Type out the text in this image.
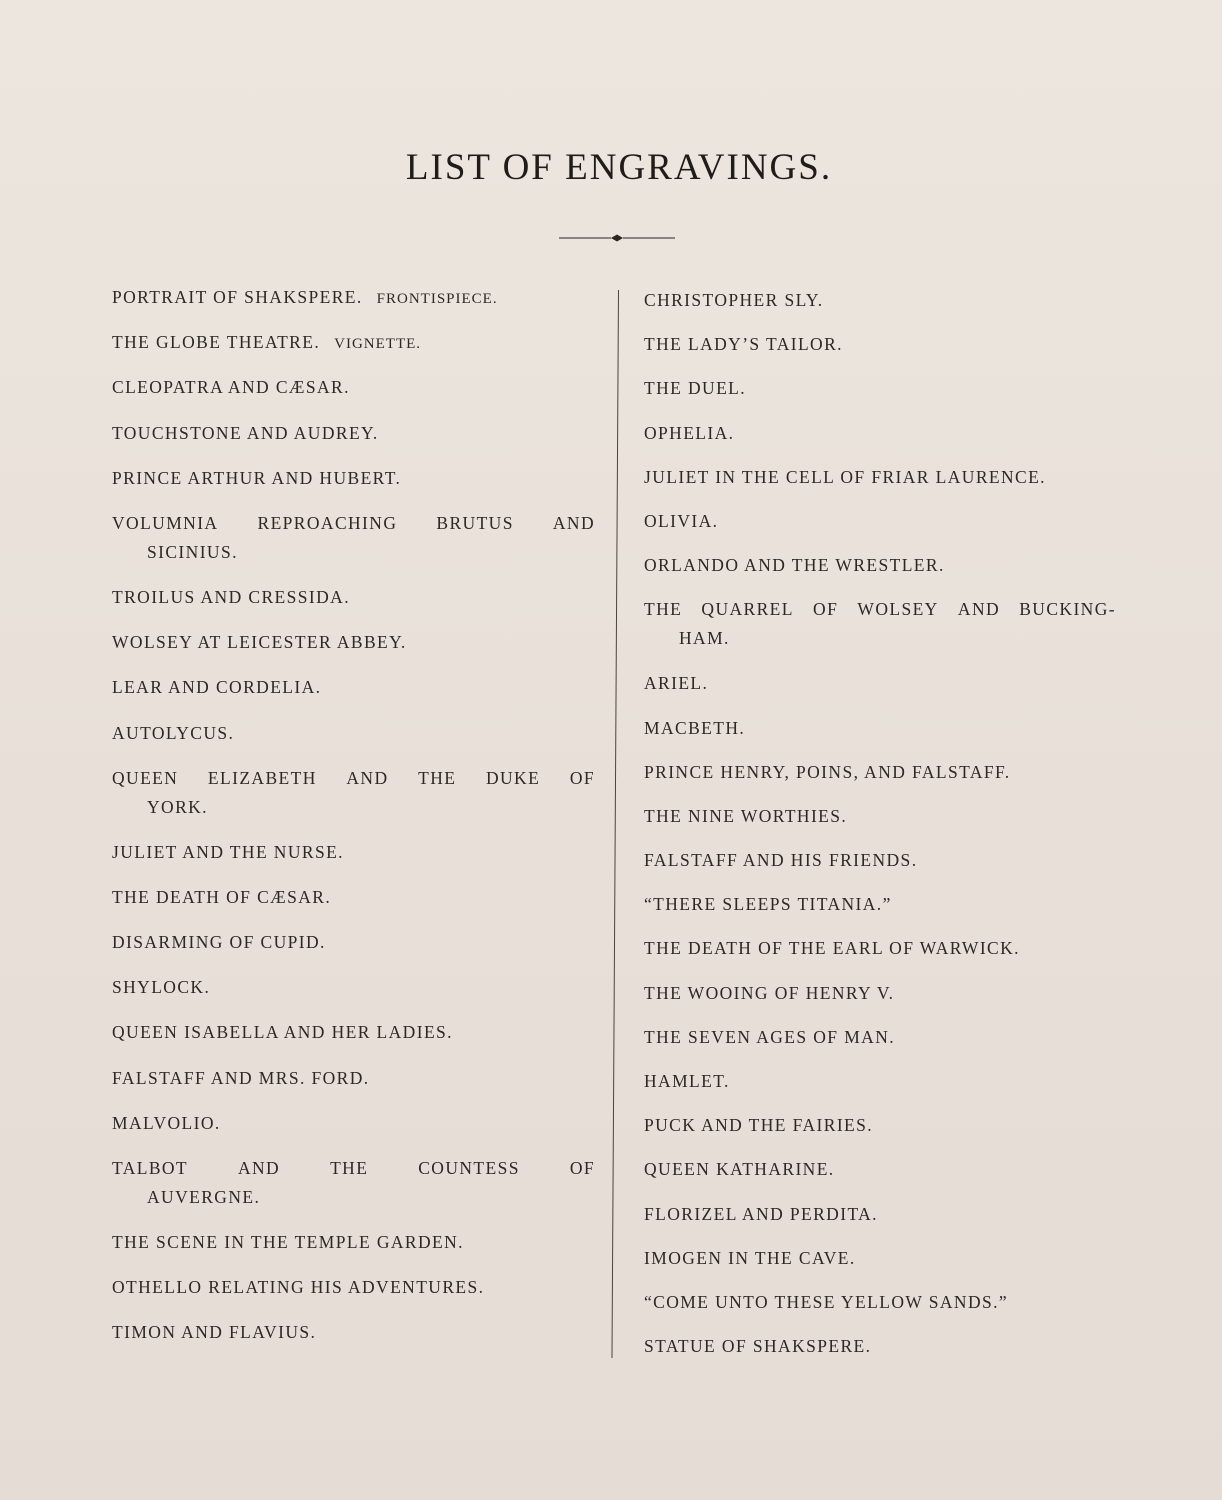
LIST OF ENGRAVINGS.
PORTRAIT OF SHAKSPERE. FRONTISPIECE.
THE GLOBE THEATRE. VIGNETTE.
CLEOPATRA AND CÆSAR.
TOUCHSTONE AND AUDREY.
PRINCE ARTHUR AND HUBERT.
VOLUMNIA REPROACHING BRUTUS AND
SICINIUS.
TROILUS AND CRESSIDA.
WOLSEY AT LEICESTER ABBEY.
LEAR AND CORDELIA.
AUTOLYCUS.
QUEEN ELIZABETH AND THE DUKE OF
YORK.
JULIET AND THE NURSE.
THE DEATH OF CÆSAR.
DISARMING OF CUPID.
SHYLOCK.
QUEEN ISABELLA AND HER LADIES.
FALSTAFF AND MRS. FORD.
MALVOLIO.
TALBOT	AND	THE	COUNTESS	OF
AUVERGNE.
THE SCENE IN THE TEMPLE GARDEN.
OTHELLO RELATING HIS ADVENTURES.
TIMON AND FLAVIUS.
CHRISTOPHER SLY.
THE LADY’S TAILOR.
THE DUEL.
OPHELIA.
JULIET IN THE CELL OF FRIAR LAURENCE.
OLIVIA.
ORLANDO AND THE WRESTLER.
THE QUARREL OF WOLSEY AND BUCKING-
HAM.
ARIEL.
MACBETH.
PRINCE HENRY, POINS, AND FALSTAFF.
THE NINE WORTHIES.
FALSTAFF AND HIS FRIENDS.
“THERE SLEEPS TITANIA.”
THE DEATH OF THE EARL OF WARWICK.
THE WOOING OF HENRY V.
THE SEVEN AGES OF MAN.
HAMLET.
PUCK AND THE FAIRIES.
QUEEN KATHARINE.
FLORIZEL AND PERDITA.
IMOGEN IN THE CAVE.
“COME UNTO THESE YELLOW SANDS.”
STATUE OF SHAKSPERE.
